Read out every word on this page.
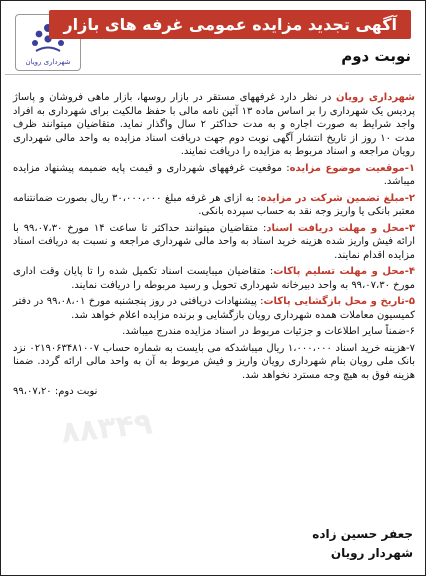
شهرداری رویان
آگهی تجدید مزایده عمومی غرفه های بازار
نوبت دوم
۸۸۳۴۹

شهرداری رویان در نظر دارد غرفههای مستقر در بازار روسها، بازار ماهی فروشان و پاساژ پردیس یک شهرداری را بر اساس ماده ۱۳ آئین نامه مالی با حفظ مالکیت برای شهرداری به افراد واجد شرایط به صورت اجاره و به مدت حداکثر ۲ سال واگذار نماید. متقاضیان میتوانند ظرف مدت ۱۰ روز از تاریخ انتشار آگهی نوبت دوم جهت دریافت اسناد مزایده به واحد مالی شهرداری رویان مراجعه و اسناد مربوط به مزایده را دریافت نمایند.

۱-موقعیت موضوع مزایده: موقعیت غرفههای شهرداری و قیمت پایه ضمیمه پیشنهاد مزایده میباشد.

۲-مبلغ تضمین شرکت در مزایده: به ازای هر غرفه مبلغ ۳۰،۰۰۰،۰۰۰ ریال بصورت ضمانتنامه معتبر بانکی یا واریز وجه نقد به حساب سپرده بانکی.

۳-محل و مهلت دریافت اسناد: متقاضیان میتوانند حداکثر تا ساعت ۱۴ مورخ ۹۹،۰۷،۳۰ با ارائه فیش واریز شده هزینه خرید اسناد به واحد مالی شهرداری مراجعه و نسبت به دریافت اسناد مزایده اقدام نمایند.

۴-محل و مهلت تسلیم پاکات: متقاضیان میبایست اسناد تکمیل شده را تا پایان وقت اداری مورخ ۹۹،۰۷،۳۰ به واحد دبیرخانه شهرداری تحویل و رسید مربوطه را دریافت نمایند.

۵-تاریخ و محل بازگشایی پاکات: پیشنهادات دریافتی در روز پنجشنبه مورخ ۹۹،۰۸،۰۱ در دفتر کمیسیون معاملات همده شهرداری رویان بازگشایی و برنده مزایده اعلام خواهد شد.

۶-ضمناً سایر اطلاعات و جزئیات مربوط در اسناد مزایده مندرج میباشد.

۷-هزینه خرید اسناد ۱،۰۰۰،۰۰۰ ریال میباشدکه می بایست به شماره حساب ۰۲۱۹۰۶۳۴۸۱۰۰۷ نزد بانک ملی رویان بنام شهرداری رویان واریز و فیش مربوط به آن به واحد مالی ارائه گردد. ضمنا هزینه فوق به هیچ وجه مسترد نخواهد شد.

نوبت دوم: ۹۹،۰۷،۲۰

جعفر حسین زاده
شهردار رویان
